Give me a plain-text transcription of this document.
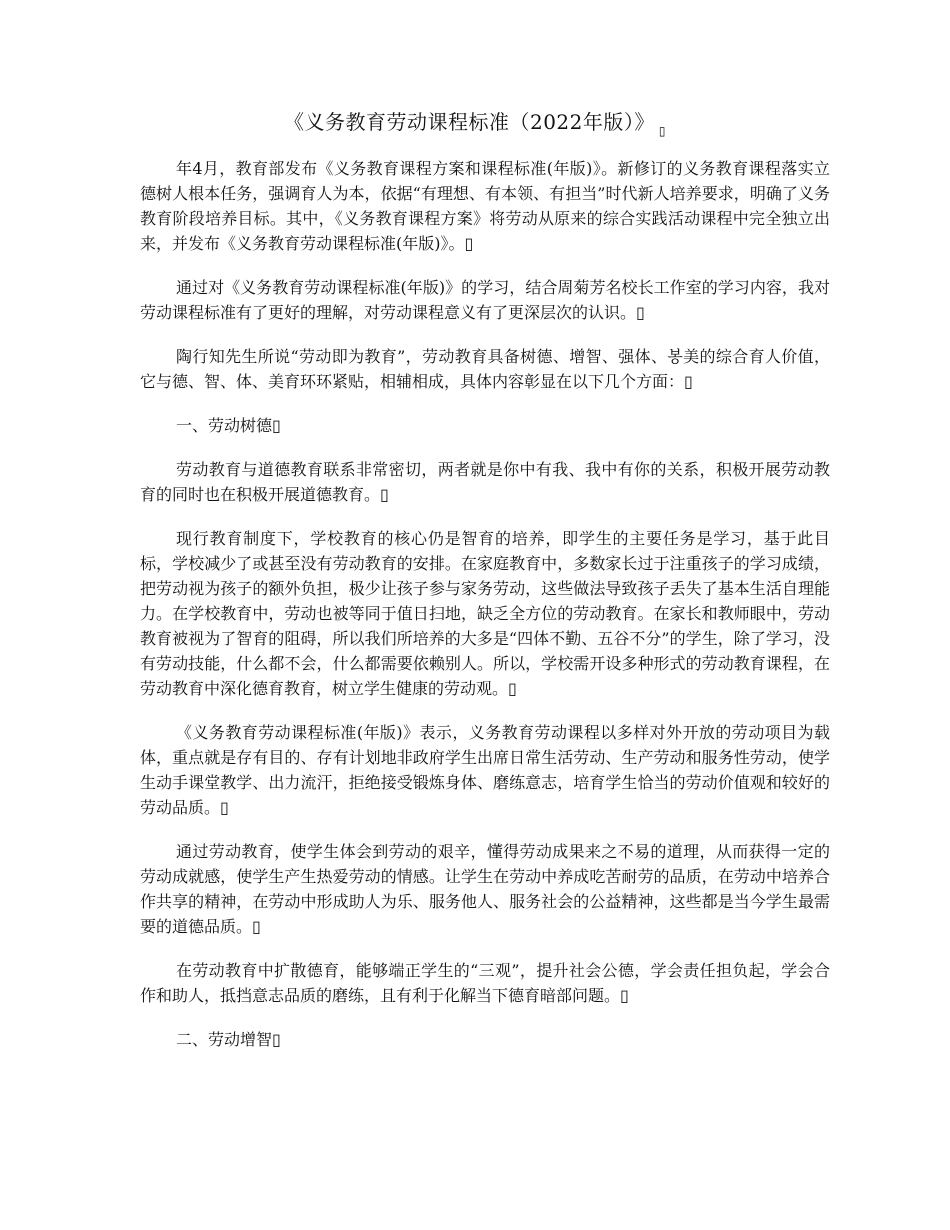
《义务教育劳动课程标准（2022年版）》 $_▯$

年4月，教育部发布《义务教育课程方案和课程标准(年版)》。新修订的义务教育课程落实立德树人根本任务，强调育人为本，依据“有理想、有本领、有担当”时代新人培养要求，明确了义务教育阶段培养目标。其中，《义务教育课程方案》将劳动从原来的综合实践活动课程中完全独立出来，并发布《义务教育劳动课程标准(年版)》。▯

通过对《义务教育劳动课程标准(年版)》的学习，结合周菊芳名校长工作室的学习内容，我对劳动课程标准有了更好的理解，对劳动课程意义有了更深层次的认识。▯

陶行知先生所说“劳动即为教育”，劳动教育具备树德、增智、强体、봉美的综合育人价值，它与德、智、体、美育环环紧贴，相辅相成，具体内容彰显在以下几个方面：▯

一、劳动树德▯

劳动教育与道德教育联系非常密切，两者就是你中有我、我中有你的关系，积极开展劳动教育的同时也在积极开展道德教育。▯

现行教育制度下，学校教育的核心仍是智育的培养，即学生的主要任务是学习，基于此目标，学校减少了或甚至没有劳动教育的安排。在家庭教育中，多数家长过于注重孩子的学习成绩，把劳动视为孩子的额外负担，极少让孩子参与家务劳动，这些做法导致孩子丢失了基本生活自理能力。在学校教育中，劳动也被等同于值日扫地，缺乏全方位的劳动教育。在家长和教师眼中，劳动教育被视为了智育的阻碍，所以我们所培养的大多是“四体不勤、五谷不分”的学生，除了学习，没有劳动技能，什么都不会，什么都需要依赖别人。所以，学校需开设多种形式的劳动教育课程，在劳动教育中深化德育教育，树立学生健康的劳动观。▯

《义务教育劳动课程标准(年版)》表示，义务教育劳动课程以多样对外开放的劳动项目为载体，重点就是存有目的、存有计划地非政府学生出席日常生活劳动、生产劳动和服务性劳动，使学生动手课堂教学、出力流汗，拒绝接受锻炼身体、磨练意志，培育学生恰当的劳动价值观和较好的劳动品质。▯

通过劳动教育，使学生体会到劳动的艰辛，懂得劳动成果来之不易的道理，从而获得一定的劳动成就感，使学生产生热爱劳动的情感。让学生在劳动中养成吃苦耐劳的品质，在劳动中培养合作共享的精神，在劳动中形成助人为乐、服务他人、服务社会的公益精神，这些都是当今学生最需要的道德品质。▯

在劳动教育中扩散德育，能够端正学生的“三观”，提升社会公德，学会责任担负起，学会合作和助人，抵挡意志品质的磨练，且有利于化解当下德育暗部问题。▯

二、劳动增智▯
